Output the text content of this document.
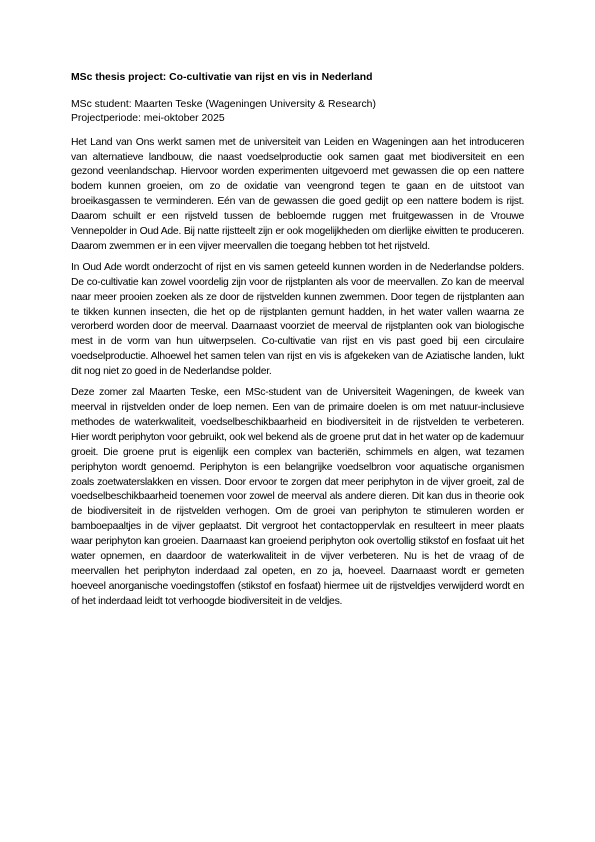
MSc thesis project: Co-cultivatie van rijst en vis in Nederland
MSc student: Maarten Teske (Wageningen University & Research)
Projectperiode: mei-oktober 2025

Het Land van Ons werkt samen met de universiteit van Leiden en Wageningen aan het introduceren van alternatieve landbouw, die naast voedselproductie ook samen gaat met biodiversiteit en een gezond veenlandschap. Hiervoor worden experimenten uitgevoerd met gewassen die op een nattere bodem kunnen groeien, om zo de oxidatie van veengrond tegen te gaan en de uitstoot van broeikasgassen te verminderen. Eén van de gewassen die goed gedijt op een nattere bodem is rijst. Daarom schuilt er een rijstveld tussen de bebloemde ruggen met fruitgewassen in de Vrouwe Vennepolder in Oud Ade. Bij natte rijstteelt zijn er ook mogelijkheden om dierlijke eiwitten te produceren. Daarom zwemmen er in een vijver meervallen die toegang hebben tot het rijstveld.

In Oud Ade wordt onderzocht of rijst en vis samen geteeld kunnen worden in de Nederlandse polders. De co-cultivatie kan zowel voordelig zijn voor de rijstplanten als voor de meervallen. Zo kan de meerval naar meer prooien zoeken als ze door de rijstvelden kunnen zwemmen. Door tegen de rijstplanten aan te tikken kunnen insecten, die het op de rijstplanten gemunt hadden, in het water vallen waarna ze verorberd worden door de meerval. Daarnaast voorziet de meerval de rijstplanten ook van biologische mest in de vorm van hun uitwerpselen. Co-cultivatie van rijst en vis past goed bij een circulaire voedselproductie. Alhoewel het samen telen van rijst en vis is afgekeken van de Aziatische landen, lukt dit nog niet zo goed in de Nederlandse polder.

Deze zomer zal Maarten Teske, een MSc-student van de Universiteit Wageningen, de kweek van meerval in rijstvelden onder de loep nemen. Een van de primaire doelen is om met natuur-inclusieve methodes de waterkwaliteit, voedselbeschikbaarheid en biodiversiteit in de rijstvelden te verbeteren. Hier wordt periphyton voor gebruikt, ook wel bekend als de groene prut dat in het water op de kademuur groeit. Die groene prut is eigenlijk een complex van bacteriën, schimmels en algen, wat tezamen periphyton wordt genoemd. Periphyton is een belangrijke voedselbron voor aquatische organismen zoals zoetwaterslakken en vissen. Door ervoor te zorgen dat meer periphyton in de vijver groeit, zal de voedselbeschikbaarheid toenemen voor zowel de meerval als andere dieren. Dit kan dus in theorie ook de biodiversiteit in de rijstvelden verhogen. Om de groei van periphyton te stimuleren worden er bamboepaaltjes in de vijver geplaatst. Dit vergroot het contactoppervlak en resulteert in meer plaats waar periphyton kan groeien. Daarnaast kan groeiend periphyton ook overtollig stikstof en fosfaat uit het water opnemen, en daardoor de waterkwaliteit in de vijver verbeteren. Nu is het de vraag of de meervallen het periphyton inderdaad zal opeten, en zo ja, hoeveel. Daarnaast wordt er gemeten hoeveel anorganische voedingstoffen (stikstof en fosfaat) hiermee uit de rijstveldjes verwijderd wordt en of het inderdaad leidt tot verhoogde biodiversiteit in de veldjes.
